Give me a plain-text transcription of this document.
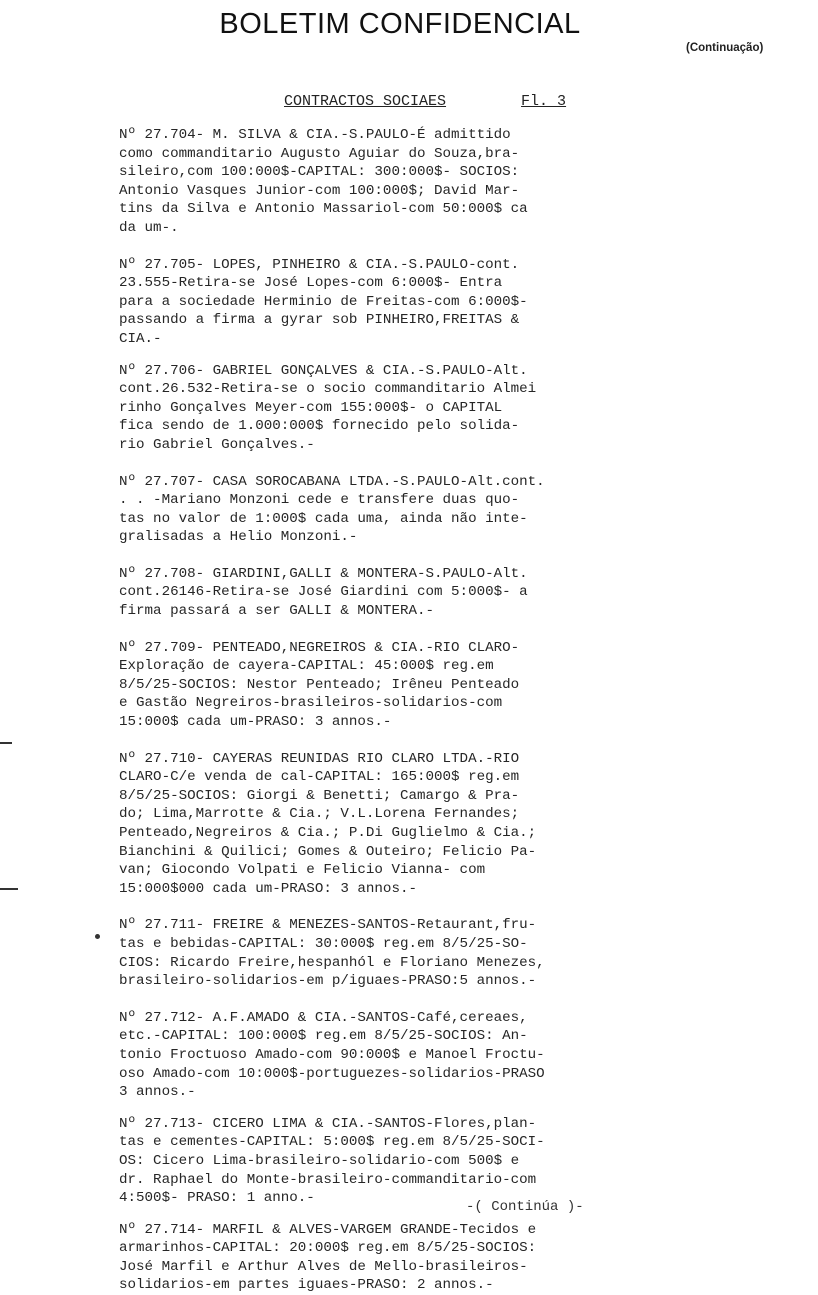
BOLETIM CONFIDENCIAL
(Continuação)
CONTRACTOS SOCIAES	Fl. 3
Nº 27.704- M. SILVA & CIA.-S.PAULO-É admittido
como commanditario Augusto Aguiar do Souza,bra-
sileiro,com 100:000$-CAPITAL: 300:000$- SOCIOS:
Antonio Vasques Junior-com 100:000$; David Mar-
tins da Silva e Antonio Massariol-com 50:000$ ca
da um-.
Nº 27.705- LOPES, PINHEIRO & CIA.-S.PAULO-cont.
23.555-Retira-se José Lopes-com 6:000$- Entra
para a sociedade Herminio de Freitas-com 6:000$-
passando a firma a gyrar sob PINHEIRO,FREITAS &
CIA.-
Nº 27.706- GABRIEL GONÇALVES & CIA.-S.PAULO-Alt.
cont.26.532-Retira-se o socio commanditario Almei
rinho Gonçalves Meyer-com 155:000$- o CAPITAL
fica sendo de 1.000:000$ fornecido pelo solida-
rio Gabriel Gonçalves.-
Nº 27.707- CASA SOROCABANA LTDA.-S.PAULO-Alt.cont.
. . -Mariano Monzoni cede e transfere duas quo-
tas no valor de 1:000$ cada uma, ainda não inte-
gralisadas a Helio Monzoni.-
Nº 27.708- GIARDINI,GALLI & MONTERA-S.PAULO-Alt.
cont.26146-Retira-se José Giardini com 5:000$- a
firma passará a ser GALLI & MONTERA.-
Nº 27.709- PENTEADO,NEGREIROS & CIA.-RIO CLARO-
Exploração de cayera-CAPITAL: 45:000$ reg.em
8/5/25-SOCIOS: Nestor Penteado; Irêneu Penteado
e Gastão Negreiros-brasileiros-solidarios-com
15:000$ cada um-PRASO: 3 annos.-
Nº 27.710- CAYERAS REUNIDAS RIO CLARO LTDA.-RIO
CLARO-C/e venda de cal-CAPITAL: 165:000$ reg.em
8/5/25-SOCIOS: Giorgi & Benetti; Camargo & Pra-
do; Lima,Marrotte & Cia.; V.L.Lorena Fernandes;
Penteado,Negreiros & Cia.; P.Di Guglielmo & Cia.;
Bianchini & Quilici; Gomes & Outeiro; Felicio Pa-
van; Giocondo Volpati e Felicio Vianna- com
15:000$000 cada um-PRASO: 3 annos.-
Nº 27.711- FREIRE & MENEZES-SANTOS-Retaurant,fru-
tas e bebidas-CAPITAL: 30:000$ reg.em 8/5/25-SO-
CIOS: Ricardo Freire,hespanhól e Floriano Menezes,
brasileiro-solidarios-em p/iguaes-PRASO:5 annos.-
Nº 27.712- A.F.AMADO & CIA.-SANTOS-Café,cereaes,
etc.-CAPITAL: 100:000$ reg.em 8/5/25-SOCIOS: An-
tonio Froctuoso Amado-com 90:000$ e Manoel Froctu-
oso Amado-com 10:000$-portuguezes-solidarios-PRASO
3 annos.-
Nº 27.713- CICERO LIMA & CIA.-SANTOS-Flores,plan-
tas e cementes-CAPITAL: 5:000$ reg.em 8/5/25-SOCI-
OS: Cicero Lima-brasileiro-solidario-com 500$ e
dr. Raphael do Monte-brasileiro-commanditario-com
4:500$- PRASO: 1 anno.-
Nº 27.714- MARFIL & ALVES-VARGEM GRANDE-Tecidos e
armarinhos-CAPITAL: 20:000$ reg.em 8/5/25-SOCIOS:
José Marfil e Arthur Alves de Mello-brasileiros-
solidarios-em partes iguaes-PRASO: 2 annos.-
-( Continúa )-
